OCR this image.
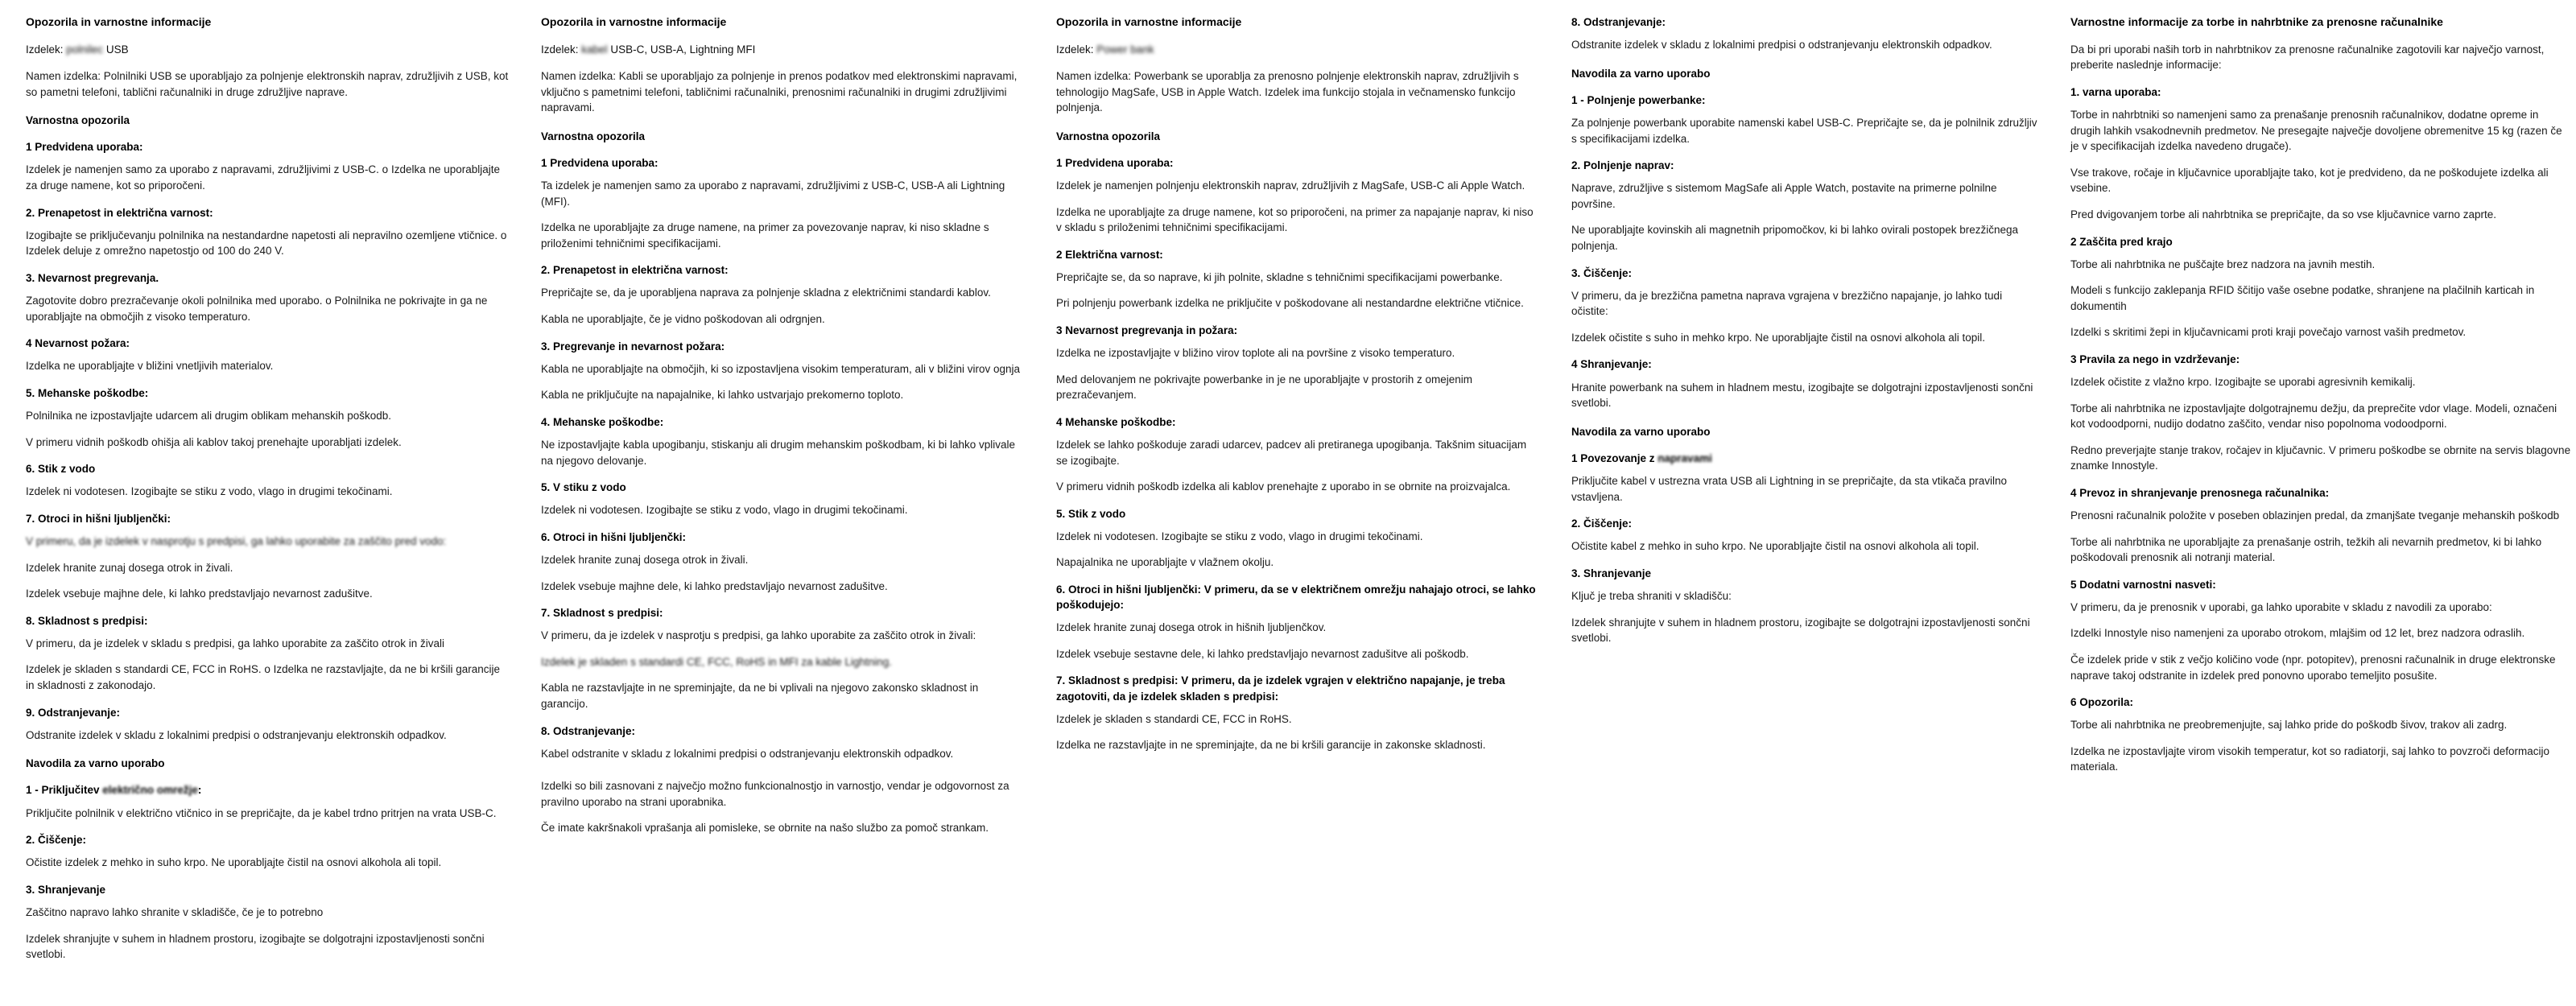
Opozorila in varnostne informacije
Izdelek: polnilec USB

Namen izdelka: Polnilniki USB se uporabljajo za polnjenje elektronskih naprav, združljivih z USB, kot so pametni telefoni, tablični računalniki in druge združljive naprave.

Varnostna opozorila
1 Predvidena uporaba:

Izdelek je namenjen samo za uporabo z napravami, združljivimi z USB-C. o Izdelka ne uporabljajte za druge namene, kot so priporočeni.

2. Prenapetost in električna varnost:

Izogibajte se priključevanju polnilnika na nestandardne napetosti ali nepravilno ozemljene vtičnice. o Izdelek deluje z omrežno napetostjo od 100 do 240 V.

3. Nevarnost pregrevanja.

Zagotovite dobro prezračevanje okoli polnilnika med uporabo. o Polnilnika ne pokrivajte in ga ne uporabljajte na območjih z visoko temperaturo.

4 Nevarnost požara:

Izdelka ne uporabljajte v bližini vnetljivih materialov.

5. Mehanske poškodbe:

Polnilnika ne izpostavljajte udarcem ali drugim oblikam mehanskih poškodb.

V primeru vidnih poškodb ohišja ali kablov takoj prenehajte uporabljati izdelek.

6. Stik z vodo

Izdelek ni vodotesen. Izogibajte se stiku z vodo, vlago in drugimi tekočinami.

7. Otroci in hišni ljubljenčki:

V primeru, da je izdelek v nasprotju s predpisi, ga lahko uporabite za zaščito pred vodo:

Izdelek hranite zunaj dosega otrok in živali.

Izdelek vsebuje majhne dele, ki lahko predstavljajo nevarnost zadušitve.

8. Skladnost s predpisi:

V primeru, da je izdelek v skladu s predpisi, ga lahko uporabite za zaščito otrok in živali

Izdelek je skladen s standardi CE, FCC in RoHS. o Izdelka ne razstavljajte, da ne bi kršili garancije in skladnosti z zakonodajo.

9. Odstranjevanje:

Odstranite izdelek v skladu z lokalnimi predpisi o odstranjevanju elektronskih odpadkov.

Navodila za varno uporabo
1 - Priključitev električno omrežje:

Priključite polnilnik v električno vtičnico in se prepričajte, da je kabel trdno pritrjen na vrata USB-C.

2. Čiščenje:

Očistite izdelek z mehko in suho krpo. Ne uporabljajte čistil na osnovi alkohola ali topil.

3. Shranjevanje

Zaščitno napravo lahko shranite v skladišče, če je to potrebno

Izdelek shranjujte v suhem in hladnem prostoru, izogibajte se dolgotrajni izpostavljenosti sončni svetlobi.

Opozorila in varnostne informacije
Izdelek: kabel USB-C, USB-A, Lightning MFI

Namen izdelka: Kabli se uporabljajo za polnjenje in prenos podatkov med elektronskimi napravami, vključno s pametnimi telefoni, tabličnimi računalniki, prenosnimi računalniki in drugimi združljivimi napravami.

Varnostna opozorila
1 Predvidena uporaba:

Ta izdelek je namenjen samo za uporabo z napravami, združljivimi z USB-C, USB-A ali Lightning (MFI).

Izdelka ne uporabljajte za druge namene, na primer za povezovanje naprav, ki niso skladne s priloženimi tehničnimi specifikacijami.

2. Prenapetost in električna varnost:

Prepričajte se, da je uporabljena naprava za polnjenje skladna z električnimi standardi kablov.

Kabla ne uporabljajte, če je vidno poškodovan ali odrgnjen.

3. Pregrevanje in nevarnost požara:

Kabla ne uporabljajte na območjih, ki so izpostavljena visokim temperaturam, ali v bližini virov ognja

Kabla ne priključujte na napajalnike, ki lahko ustvarjajo prekomerno toploto.

4. Mehanske poškodbe:

Ne izpostavljajte kabla upogibanju, stiskanju ali drugim mehanskim poškodbam, ki bi lahko vplivale na njegovo delovanje.

5. V stiku z vodo

Izdelek ni vodotesen. Izogibajte se stiku z vodo, vlago in drugimi tekočinami.

6. Otroci in hišni ljubljenčki:

Izdelek hranite zunaj dosega otrok in živali.

Izdelek vsebuje majhne dele, ki lahko predstavljajo nevarnost zadušitve.

7. Skladnost s predpisi:

V primeru, da je izdelek v nasprotju s predpisi, ga lahko uporabite za zaščito otrok in živali:

Izdelek je skladen s standardi CE, FCC, RoHS in MFI za kable Lightning.

Kabla ne razstavljajte in ne spreminjajte, da ne bi vplivali na njegovo zakonsko skladnost in garancijo.

8. Odstranjevanje:

Kabel odstranite v skladu z lokalnimi predpisi o odstranjevanju elektronskih odpadkov.

Izdelki so bili zasnovani z največjo možno funkcionalnostjo in varnostjo, vendar je odgovornost za pravilno uporabo na strani uporabnika.

Če imate kakršnakoli vprašanja ali pomisleke, se obrnite na našo službo za pomoč strankam.

Opozorila in varnostne informacije
Izdelek: Power bank

Namen izdelka: Powerbank se uporablja za prenosno polnjenje elektronskih naprav, združljivih s tehnologijo MagSafe, USB in Apple Watch. Izdelek ima funkcijo stojala in večnamensko funkcijo polnjenja.

Varnostna opozorila
1 Predvidena uporaba:

Izdelek je namenjen polnjenju elektronskih naprav, združljivih z MagSafe, USB-C ali Apple Watch.

Izdelka ne uporabljajte za druge namene, kot so priporočeni, na primer za napajanje naprav, ki niso v skladu s priloženimi tehničnimi specifikacijami.

2 Električna varnost:

Prepričajte se, da so naprave, ki jih polnite, skladne s tehničnimi specifikacijami powerbanke.

Pri polnjenju powerbank izdelka ne priključite v poškodovane ali nestandardne električne vtičnice.

3 Nevarnost pregrevanja in požara:

Izdelka ne izpostavljajte v bližino virov toplote ali na površine z visoko temperaturo.

Med delovanjem ne pokrivajte powerbanke in je ne uporabljajte v prostorih z omejenim prezračevanjem.

4 Mehanske poškodbe:

Izdelek se lahko poškoduje zaradi udarcev, padcev ali pretiranega upogibanja. Takšnim situacijam se izogibajte.

V primeru vidnih poškodb izdelka ali kablov prenehajte z uporabo in se obrnite na proizvajalca.

5. Stik z vodo

Izdelek ni vodotesen. Izogibajte se stiku z vodo, vlago in drugimi tekočinami.

Napajalnika ne uporabljajte v vlažnem okolju.

6. Otroci in hišni ljubljenčki: V primeru, da se v električnem omrežju nahajajo otroci, se lahko poškodujejo:

Izdelek hranite zunaj dosega otrok in hišnih ljubljenčkov.

Izdelek vsebuje sestavne dele, ki lahko predstavljajo nevarnost zadušitve ali poškodb.

7. Skladnost s predpisi: V primeru, da je izdelek vgrajen v električno napajanje, je treba zagotoviti, da je izdelek skladen s predpisi:

Izdelek je skladen s standardi CE, FCC in RoHS.

Izdelka ne razstavljajte in ne spreminjajte, da ne bi kršili garancije in zakonske skladnosti.

8. Odstranjevanje:

Odstranite izdelek v skladu z lokalnimi predpisi o odstranjevanju elektronskih odpadkov.

Navodila za varno uporabo
1 - Polnjenje powerbanke:

Za polnjenje powerbank uporabite namenski kabel USB-C. Prepričajte se, da je polnilnik združljiv s specifikacijami izdelka.

2. Polnjenje naprav:

Naprave, združljive s sistemom MagSafe ali Apple Watch, postavite na primerne polnilne površine.

Ne uporabljajte kovinskih ali magnetnih pripomočkov, ki bi lahko ovirali postopek brezžičnega polnjenja.

3. Čiščenje:

V primeru, da je brezžična pametna naprava vgrajena v brezžično napajanje, jo lahko tudi očistite:

Izdelek očistite s suho in mehko krpo. Ne uporabljajte čistil na osnovi alkohola ali topil.

4 Shranjevanje:

Hranite powerbank na suhem in hladnem mestu, izogibajte se dolgotrajni izpostavljenosti sončni svetlobi.

Navodila za varno uporabo
1 Povezovanje z napravami

Priključite kabel v ustrezna vrata USB ali Lightning in se prepričajte, da sta vtikača pravilno vstavljena.

2. Čiščenje:

Očistite kabel z mehko in suho krpo. Ne uporabljajte čistil na osnovi alkohola ali topil.

3. Shranjevanje

Ključ je treba shraniti v skladišču:

Izdelek shranjujte v suhem in hladnem prostoru, izogibajte se dolgotrajni izpostavljenosti sončni svetlobi.

Varnostne informacije za torbe in nahrbtnike za prenosne računalnike

Da bi pri uporabi naših torb in nahrbtnikov za prenosne računalnike zagotovili kar največjo varnost, preberite naslednje informacije:

1. varna uporaba:

Torbe in nahrbtniki so namenjeni samo za prenašanje prenosnih računalnikov, dodatne opreme in drugih lahkih vsakodnevnih predmetov. Ne presegajte največje dovoljene obremenitve 15 kg (razen če je v specifikacijah izdelka navedeno drugače).

Vse trakove, ročaje in ključavnice uporabljajte tako, kot je predvideno, da ne poškodujete izdelka ali vsebine.

Pred dvigovanjem torbe ali nahrbtnika se prepričajte, da so vse ključavnice varno zaprte.

2 Zaščita pred krajo

Torbe ali nahrbtnika ne puščajte brez nadzora na javnih mestih.

Modeli s funkcijo zaklepanja RFID ščitijo vaše osebne podatke, shranjene na plačilnih karticah in dokumentih

Izdelki s skritimi žepi in ključavnicami proti kraji povečajo varnost vaših predmetov.

3 Pravila za nego in vzdrževanje:

Izdelek očistite z vlažno krpo. Izogibajte se uporabi agresivnih kemikalij.

Torbe ali nahrbtnika ne izpostavljajte dolgotrajnemu dežju, da preprečite vdor vlage. Modeli, označeni kot vodoodporni, nudijo dodatno zaščito, vendar niso popolnoma vodoodporni.

Redno preverjajte stanje trakov, ročajev in ključavnic. V primeru poškodbe se obrnite na servis blagovne znamke Innostyle.

4 Prevoz in shranjevanje prenosnega računalnika:

Prenosni računalnik položite v poseben oblazinjen predal, da zmanjšate tveganje mehanskih poškodb

Torbe ali nahrbtnika ne uporabljajte za prenašanje ostrih, težkih ali nevarnih predmetov, ki bi lahko poškodovali prenosnik ali notranji material.

5 Dodatni varnostni nasveti:

V primeru, da je prenosnik v uporabi, ga lahko uporabite v skladu z navodili za uporabo:

Izdelki Innostyle niso namenjeni za uporabo otrokom, mlajšim od 12 let, brez nadzora odraslih.

Če izdelek pride v stik z večjo količino vode (npr. potopitev), prenosni računalnik in druge elektronske naprave takoj odstranite in izdelek pred ponovno uporabo temeljito posušite.

6 Opozorila:

Torbe ali nahrbtnika ne preobremenjujte, saj lahko pride do poškodb šivov, trakov ali zadrg.

Izdelka ne izpostavljajte virom visokih temperatur, kot so radiatorji, saj lahko to povzroči deformacijo materiala.
